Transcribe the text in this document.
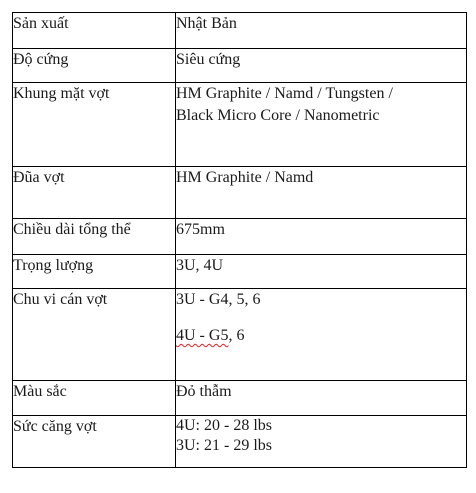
Sản xuất	Nhật Bản
Độ cứng	Siêu cứng
Khung mặt vợt	HM Graphite / Namd / Tungsten /
Black Micro Core / Nanometric

Đũa vợt	HM Graphite / Namd
Chiều dài tổng thể	675mm
Trọng lượng	3U, 4U
Chu vi cán vợt	3U - G4, 5, 6
4U - G5, 6

Màu sắc	Đỏ thẫm
Sức căng vợt	4U: 20 - 28 lbs
3U: 21 - 29 lbs
